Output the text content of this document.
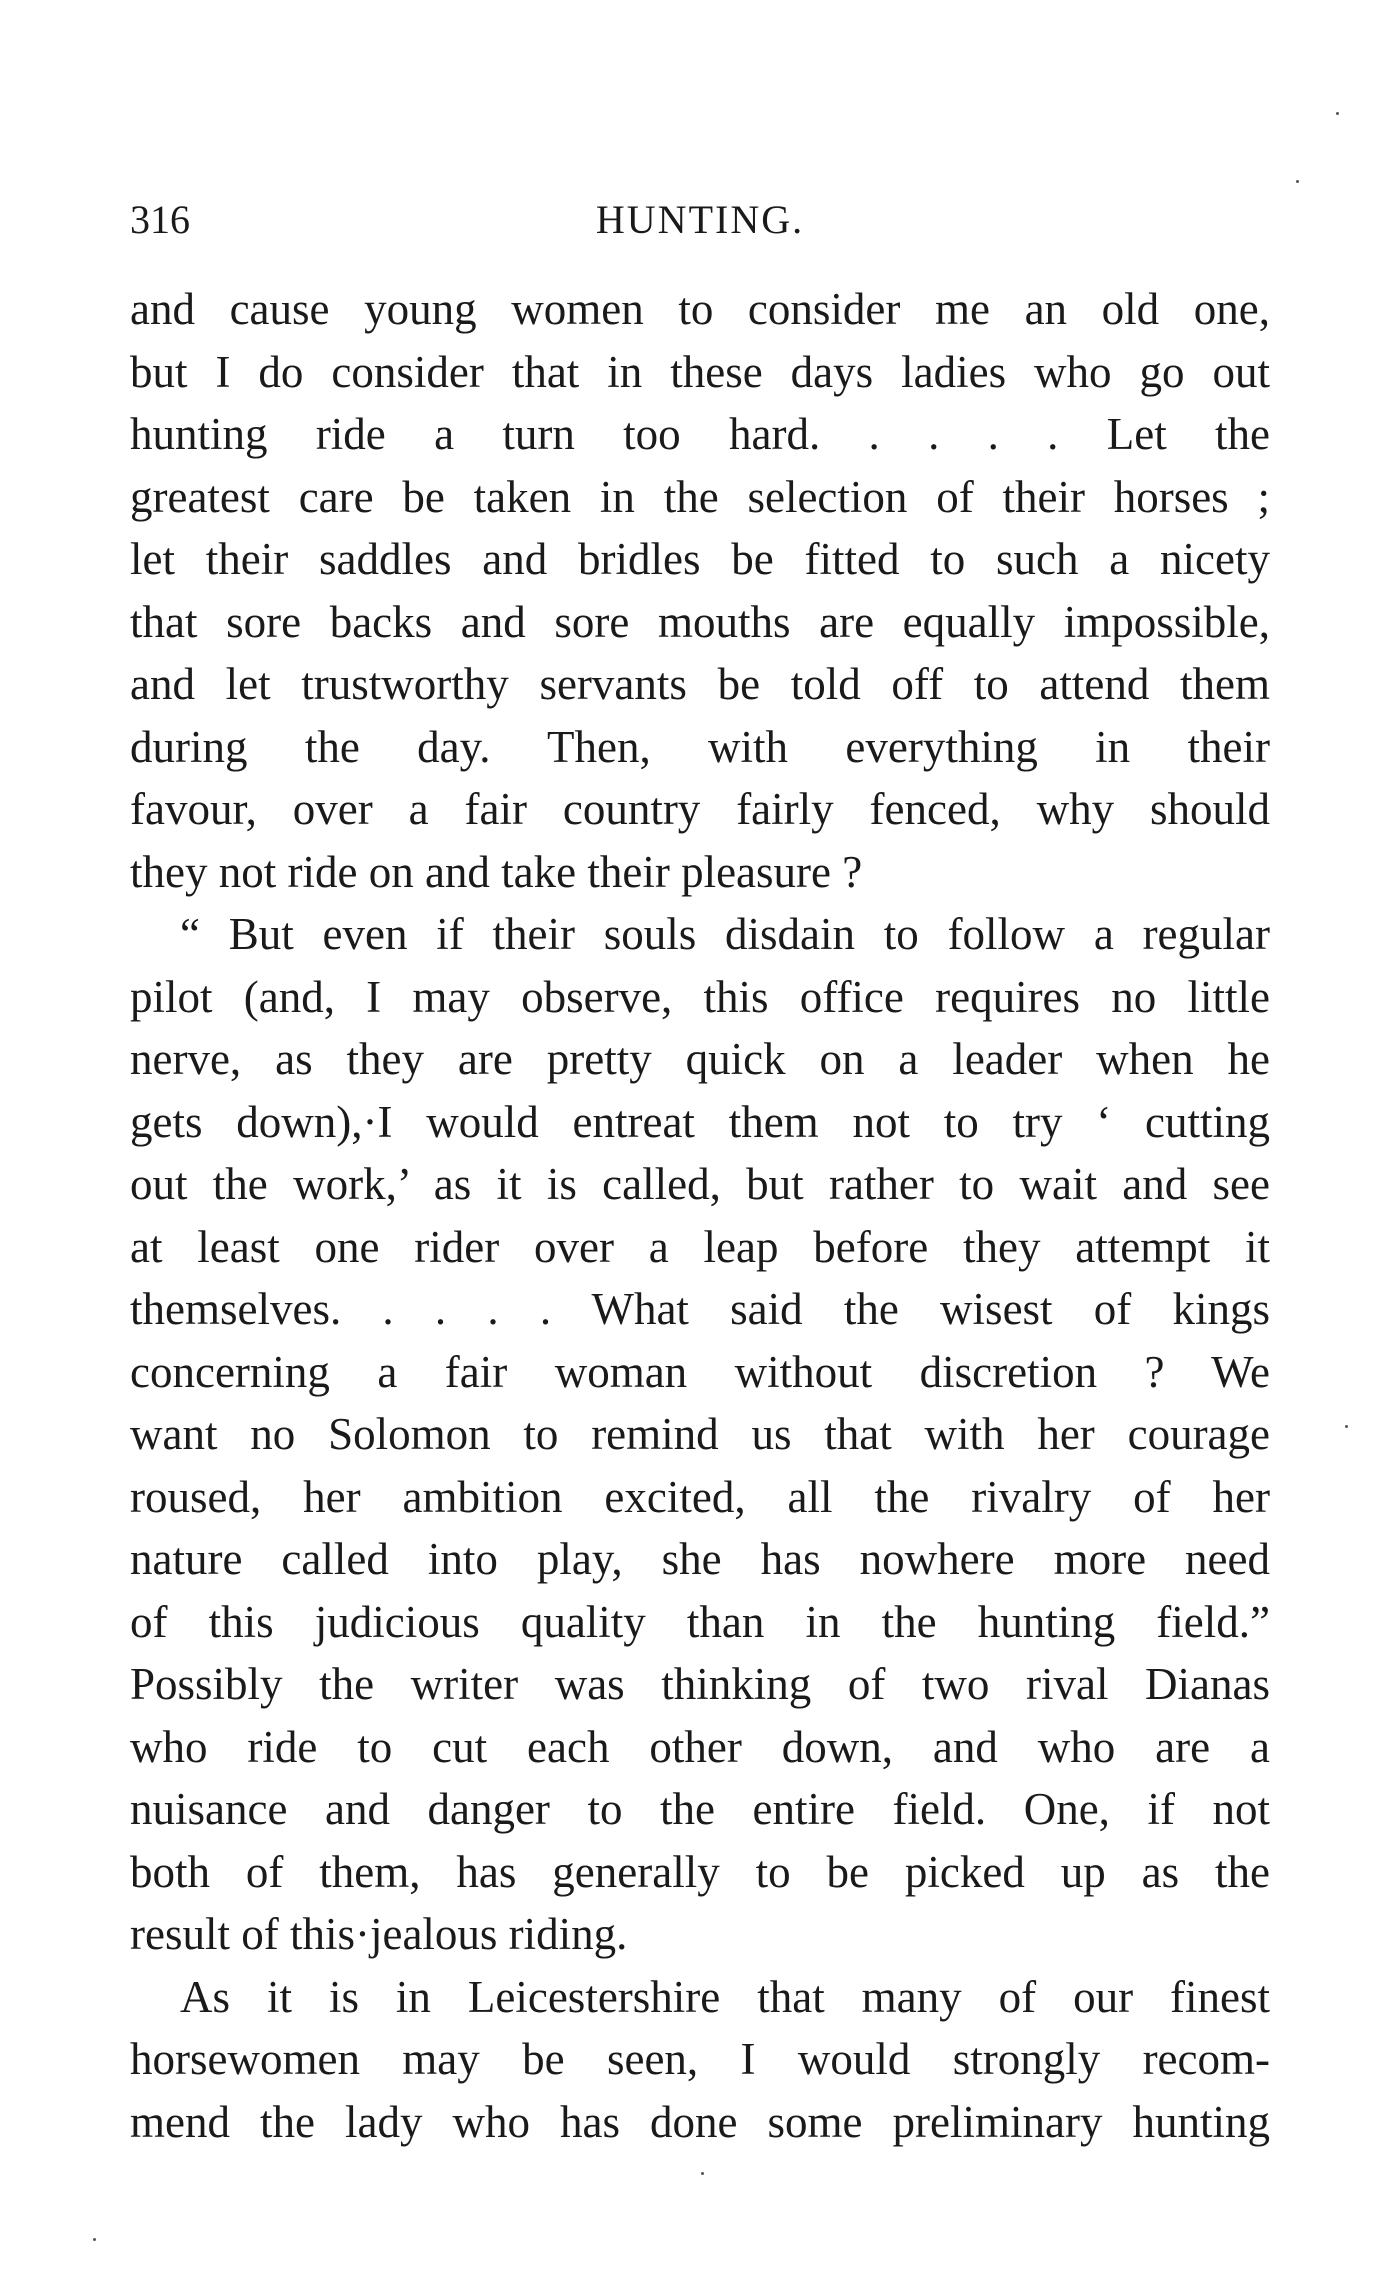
316	HUNTING.
and cause young women to consider me an old one,
but I do consider that in these days ladies who go out
hunting ride a turn too hard. . . . . Let the
greatest care be taken in the selection of their horses ;
let their saddles and bridles be fitted to such a nicety
that sore backs and sore mouths are equally impossible,
and let trustworthy servants be told off to attend them
during the day. Then, with everything in their
favour, over a fair country fairly fenced, why should
they not ride on and take their pleasure ?
“ But even if their souls disdain to follow a regular
pilot (and, I may observe, this office requires no little
nerve, as they are pretty quick on a leader when he
gets down),·I would entreat them not to try ‘ cutting
out the work,’ as it is called, but rather to wait and see
at least one rider over a leap before they attempt it
themselves. . . . . What said the wisest of kings
concerning a fair woman without discretion ? We
want no Solomon to remind us that with her courage
roused, her ambition excited, all the rivalry of her
nature called into play, she has nowhere more need
of this judicious quality than in the hunting field.”
Possibly the writer was thinking of two rival Dianas
who ride to cut each other down, and who are a
nuisance and danger to the entire field. One, if not
both of them, has generally to be picked up as the
result of this·jealous riding.
As it is in Leicestershire that many of our finest
horsewomen may be seen, I would strongly recom-
mend the lady who has done some preliminary hunting
